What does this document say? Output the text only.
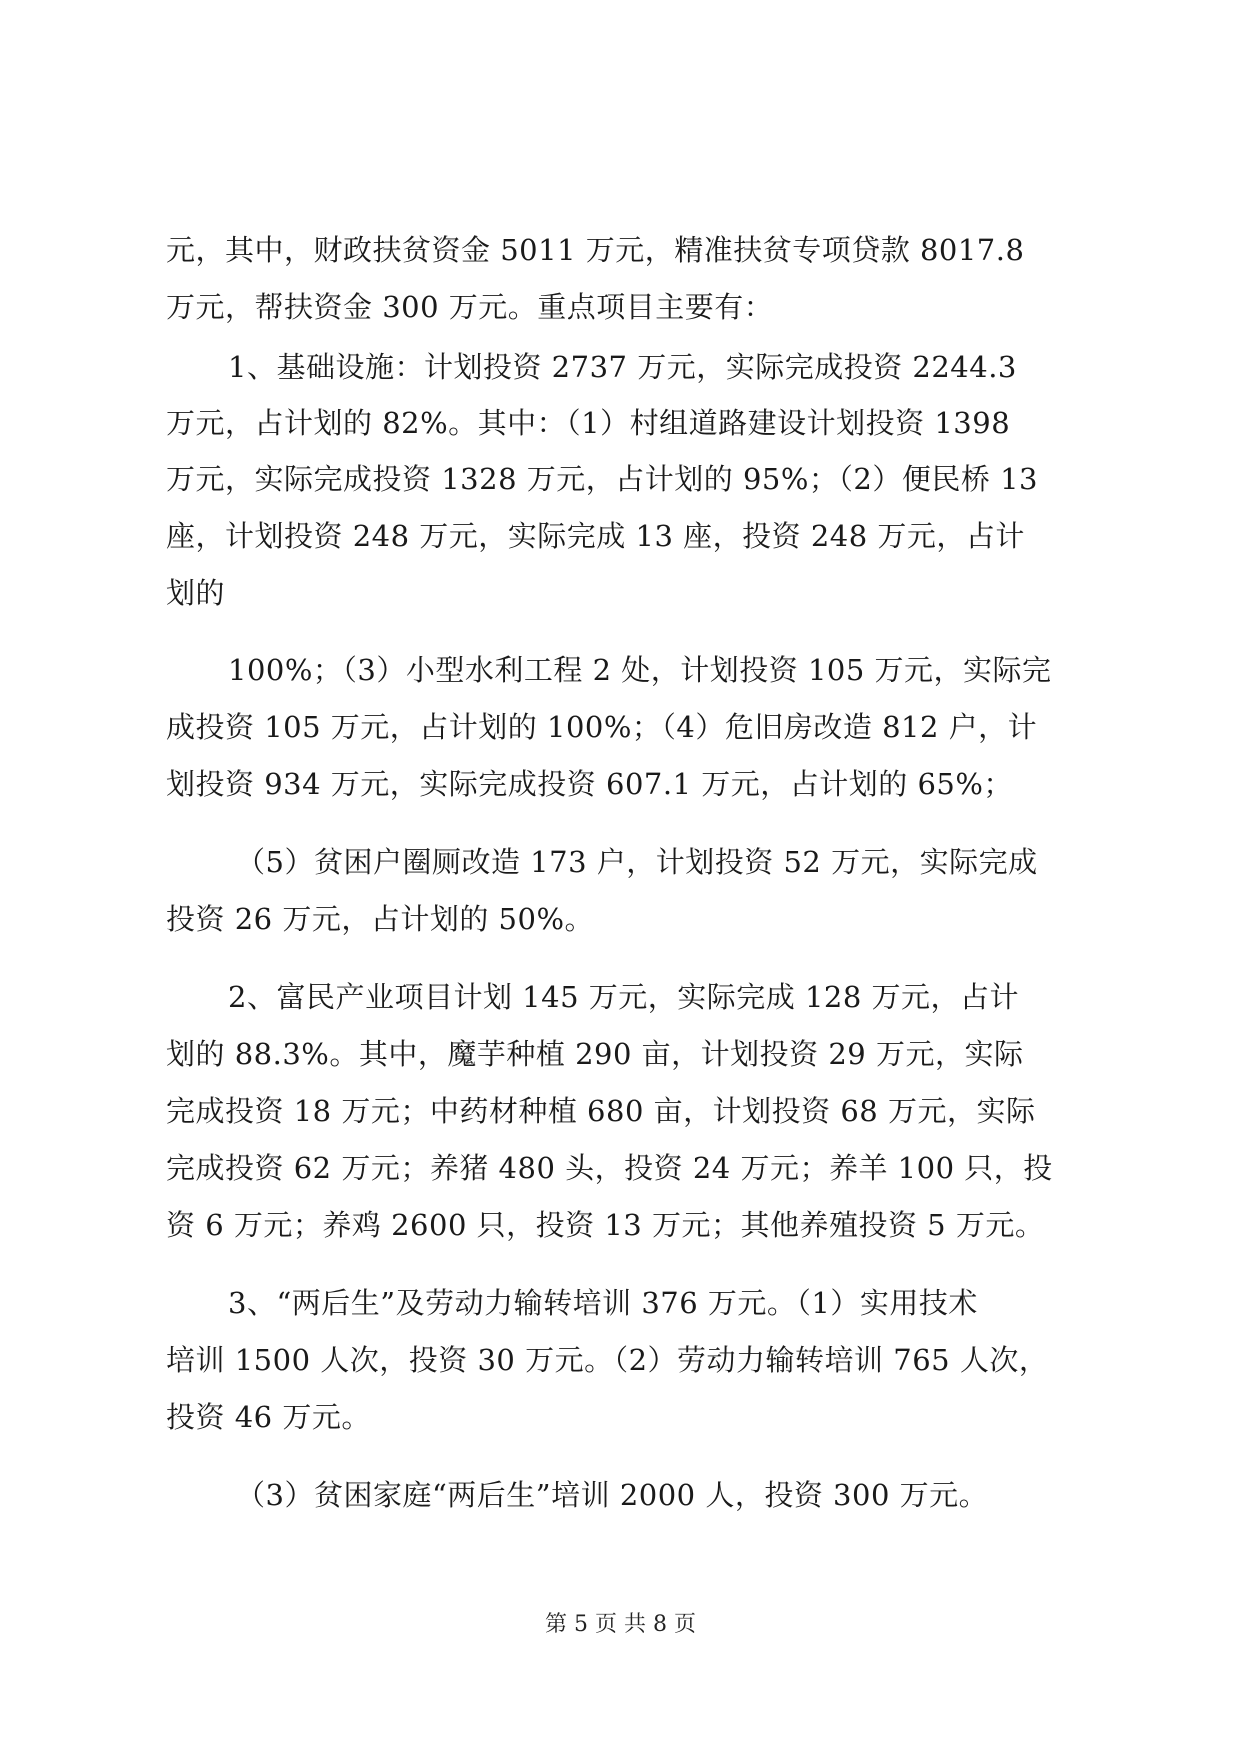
元，其中，财政扶贫资金 5011 万元，精准扶贫专项贷款 8017.8
万元，帮扶资金 300 万元。重点项目主要有：
1、基础设施：计划投资 2737 万元，实际完成投资 2244.3
万元，占计划的 82%。其中：（1）村组道路建设计划投资 1398
万元，实际完成投资 1328 万元，占计划的 95%；（2）便民桥 13
座，计划投资 248 万元，实际完成 13 座，投资 248 万元，占计
划的
100%；（3）小型水利工程 2 处，计划投资 105 万元，实际完
成投资 105 万元，占计划的 100%；（4）危旧房改造 812 户，计
划投资 934 万元，实际完成投资 607.1 万元，占计划的 65%；
（5）贫困户圈厕改造 173 户，计划投资 52 万元，实际完成
投资 26 万元，占计划的 50%。
2、富民产业项目计划 145 万元，实际完成 128 万元，占计
划的 88.3%。其中，魔芋种植 290 亩，计划投资 29 万元，实际
完成投资 18 万元；中药材种植 680 亩，计划投资 68 万元，实际
完成投资 62 万元；养猪 480 头，投资 24 万元；养羊 100 只，投
资 6 万元；养鸡 2600 只，投资 13 万元；其他养殖投资 5 万元。
3、“两后生”及劳动力输转培训 376 万元。（1）实用技术
培训 1500 人次，投资 30 万元。（2）劳动力输转培训 765 人次，
投资 46 万元。
（3）贫困家庭“两后生”培训 2000 人，投资 300 万元。
第 5 页 共 8 页
